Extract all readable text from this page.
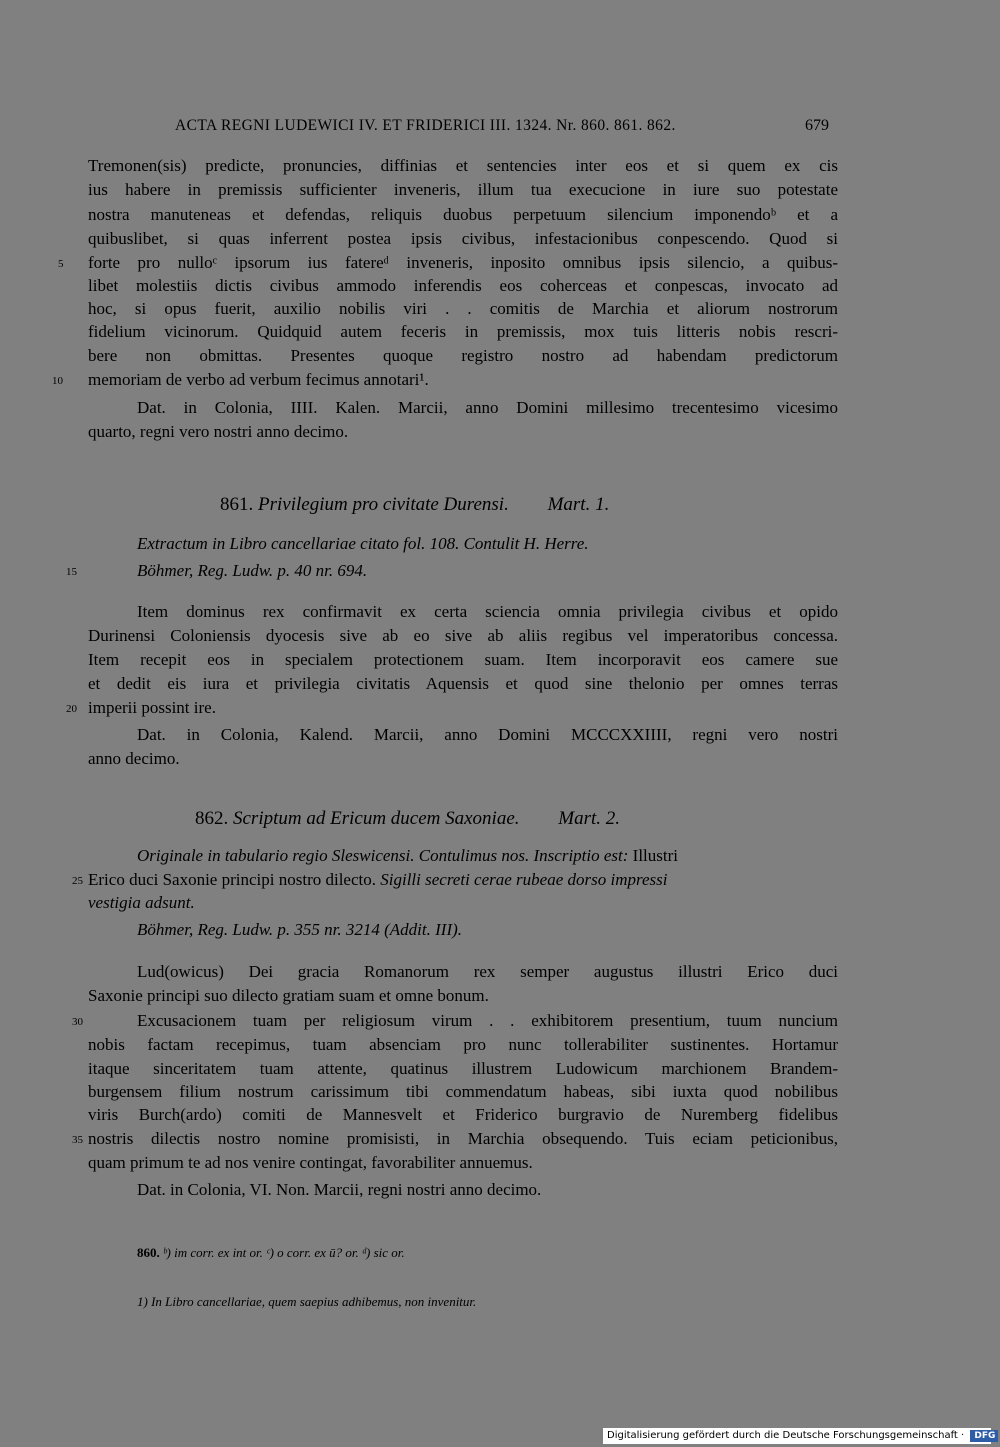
ACTA REGNI LUDEWICI IV. ET FRIDERICI III. 1324. Nr. 860. 861. 862.	679
Tremonen(sis) predicte, pronuncies, diffinias et sentencies inter eos et si quem ex cis
ius habere in premissis sufficienter inveneris, illum tua execucione in iure suo potestate
nostra manuteneas et defendas, reliquis duobus perpetuum silencium imponendoᵇ et a
quibuslibet, si quas inferrent postea ipsis civibus, infestacionibus conpescendo. Quod si
forte pro nulloᶜ ipsorum ius fatereᵈ inveneris, inposito omnibus ipsis silencio, a quibus-
libet molestiis dictis civibus ammodo inferendis eos coherceas et conpescas, invocato ad
hoc, si opus fuerit, auxilio nobilis viri . . comitis de Marchia et aliorum nostrorum
fidelium vicinorum. Quidquid autem feceris in premissis, mox tuis litteris nobis rescri-
bere non obmittas. Presentes quoque registro nostro ad habendam predictorum
memoriam de verbo ad verbum fecimus annotari¹.
Dat. in Colonia, IIII. Kalen. Marcii, anno Domini millesimo trecentesimo vicesimo
quarto, regni vero nostri anno decimo.
861. Privilegium pro civitate Durensi. Mart. 1.
Extractum in Libro cancellariae citato fol. 108. Contulit H. Herre.
Böhmer, Reg. Ludw. p. 40 nr. 694.
Item dominus rex confirmavit ex certa sciencia omnia privilegia civibus et opido
Durinensi Coloniensis dyocesis sive ab eo sive ab aliis regibus vel imperatoribus concessa.
Item recepit eos in specialem protectionem suam. Item incorporavit eos camere sue
et dedit eis iura et privilegia civitatis Aquensis et quod sine thelonio per omnes terras
imperii possint ire.
Dat. in Colonia, Kalend. Marcii, anno Domini MCCCXXIIII, regni vero nostri
anno decimo.
862. Scriptum ad Ericum ducem Saxoniae. Mart. 2.
Originale in tabulario regio Sleswicensi. Contulimus nos. Inscriptio est: Illustri
Erico duci Saxonie principi nostro dilecto. Sigilli secreti cerae rubeae dorso impressi
vestigia adsunt.
Böhmer, Reg. Ludw. p. 355 nr. 3214 (Addit. III).
Lud(owicus) Dei gracia Romanorum rex semper augustus illustri Erico duci
Saxonie principi suo dilecto gratiam suam et omne bonum.
Excusacionem tuam per religiosum virum . . exhibitorem presentium, tuum nuncium
nobis factam recepimus, tuam absenciam pro nunc tollerabiliter sustinentes. Hortamur
itaque sinceritatem tuam attente, quatinus illustrem Ludowicum marchionem Brandem-
burgensem filium nostrum carissimum tibi commendatum habeas, sibi iuxta quod nobilibus
viris Burch(ardo) comiti de Mannesvelt et Friderico burgravio de Nuremberg fidelibus
nostris dilectis nostro nomine promisisti, in Marchia obsequendo. Tuis eciam peticionibus,
quam primum te ad nos venire contingat, favorabiliter annuemus.
Dat. in Colonia, VI. Non. Marcii, regni nostri anno decimo.
5
10
15
20
25
30
35
860. ᵇ) im corr. ex int or. ᶜ) o corr. ex ū? or. ᵈ) sic or.
1) In Libro cancellariae, quem saepius adhibemus, non invenitur.
Digitalisierung gefördert durch die Deutsche Forschungsgemeinschaft · DFG
